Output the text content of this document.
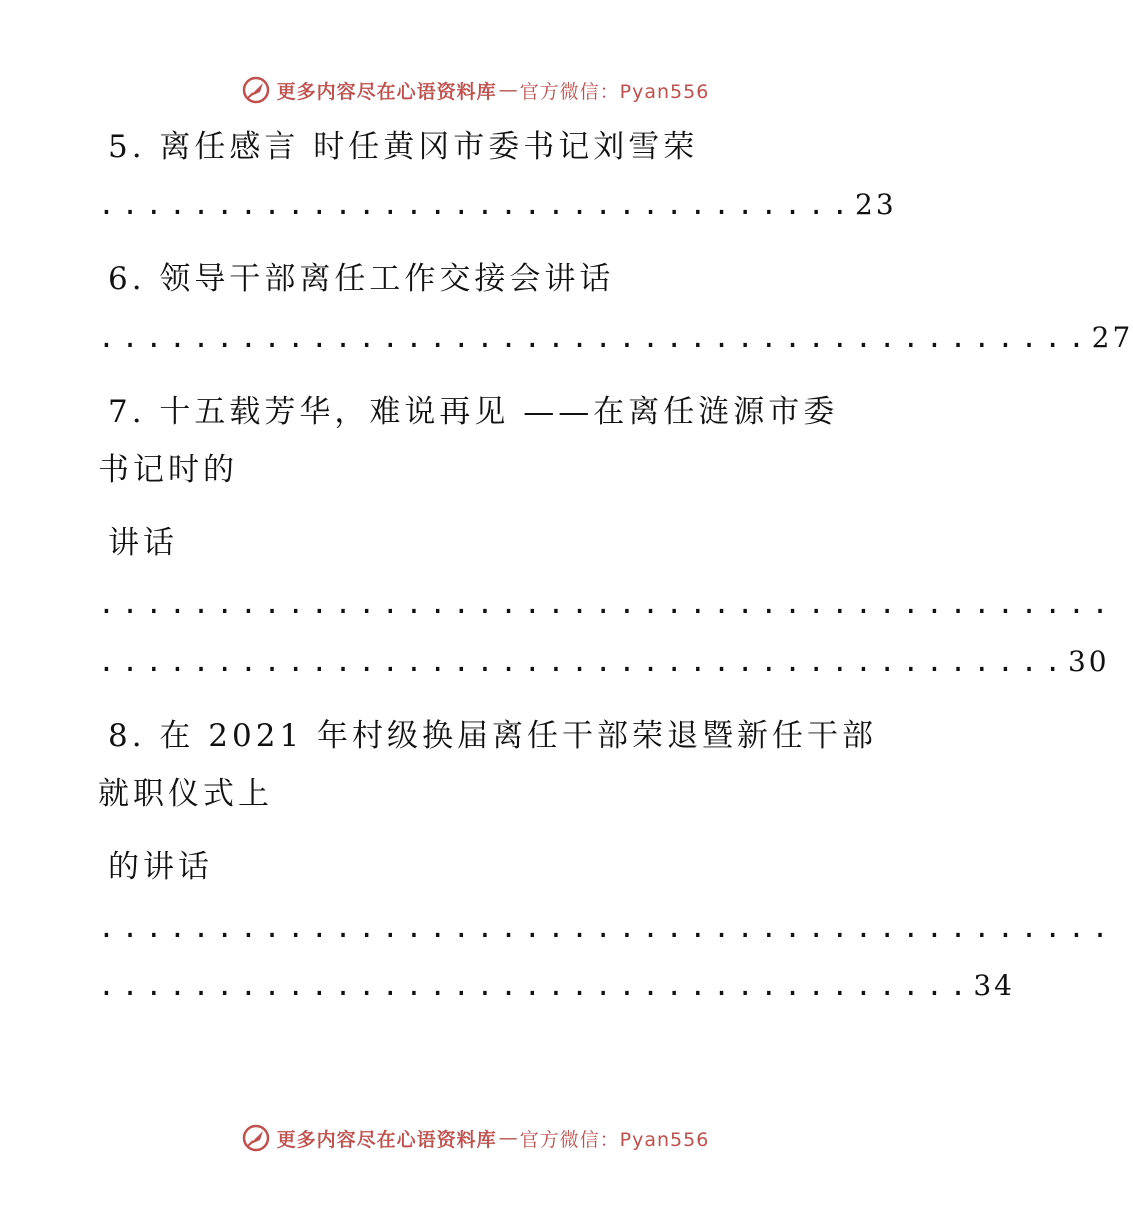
更多内容尽在心语资料库 — 官方微信：Pyan556
5. 离任感言 时任黄冈市委书记刘雪荣
................................23
6. 领导干部离任工作交接会讲话
..........................................27
7. 十五载芳华，难说再见 ——在离任涟源市委
书记时的
讲话
...........................................
.........................................30
8. 在 2021 年村级换届离任干部荣退暨新任干部
就职仪式上
的讲话
...........................................
.....................................34
更多内容尽在心语资料库 — 官方微信：Pyan556
